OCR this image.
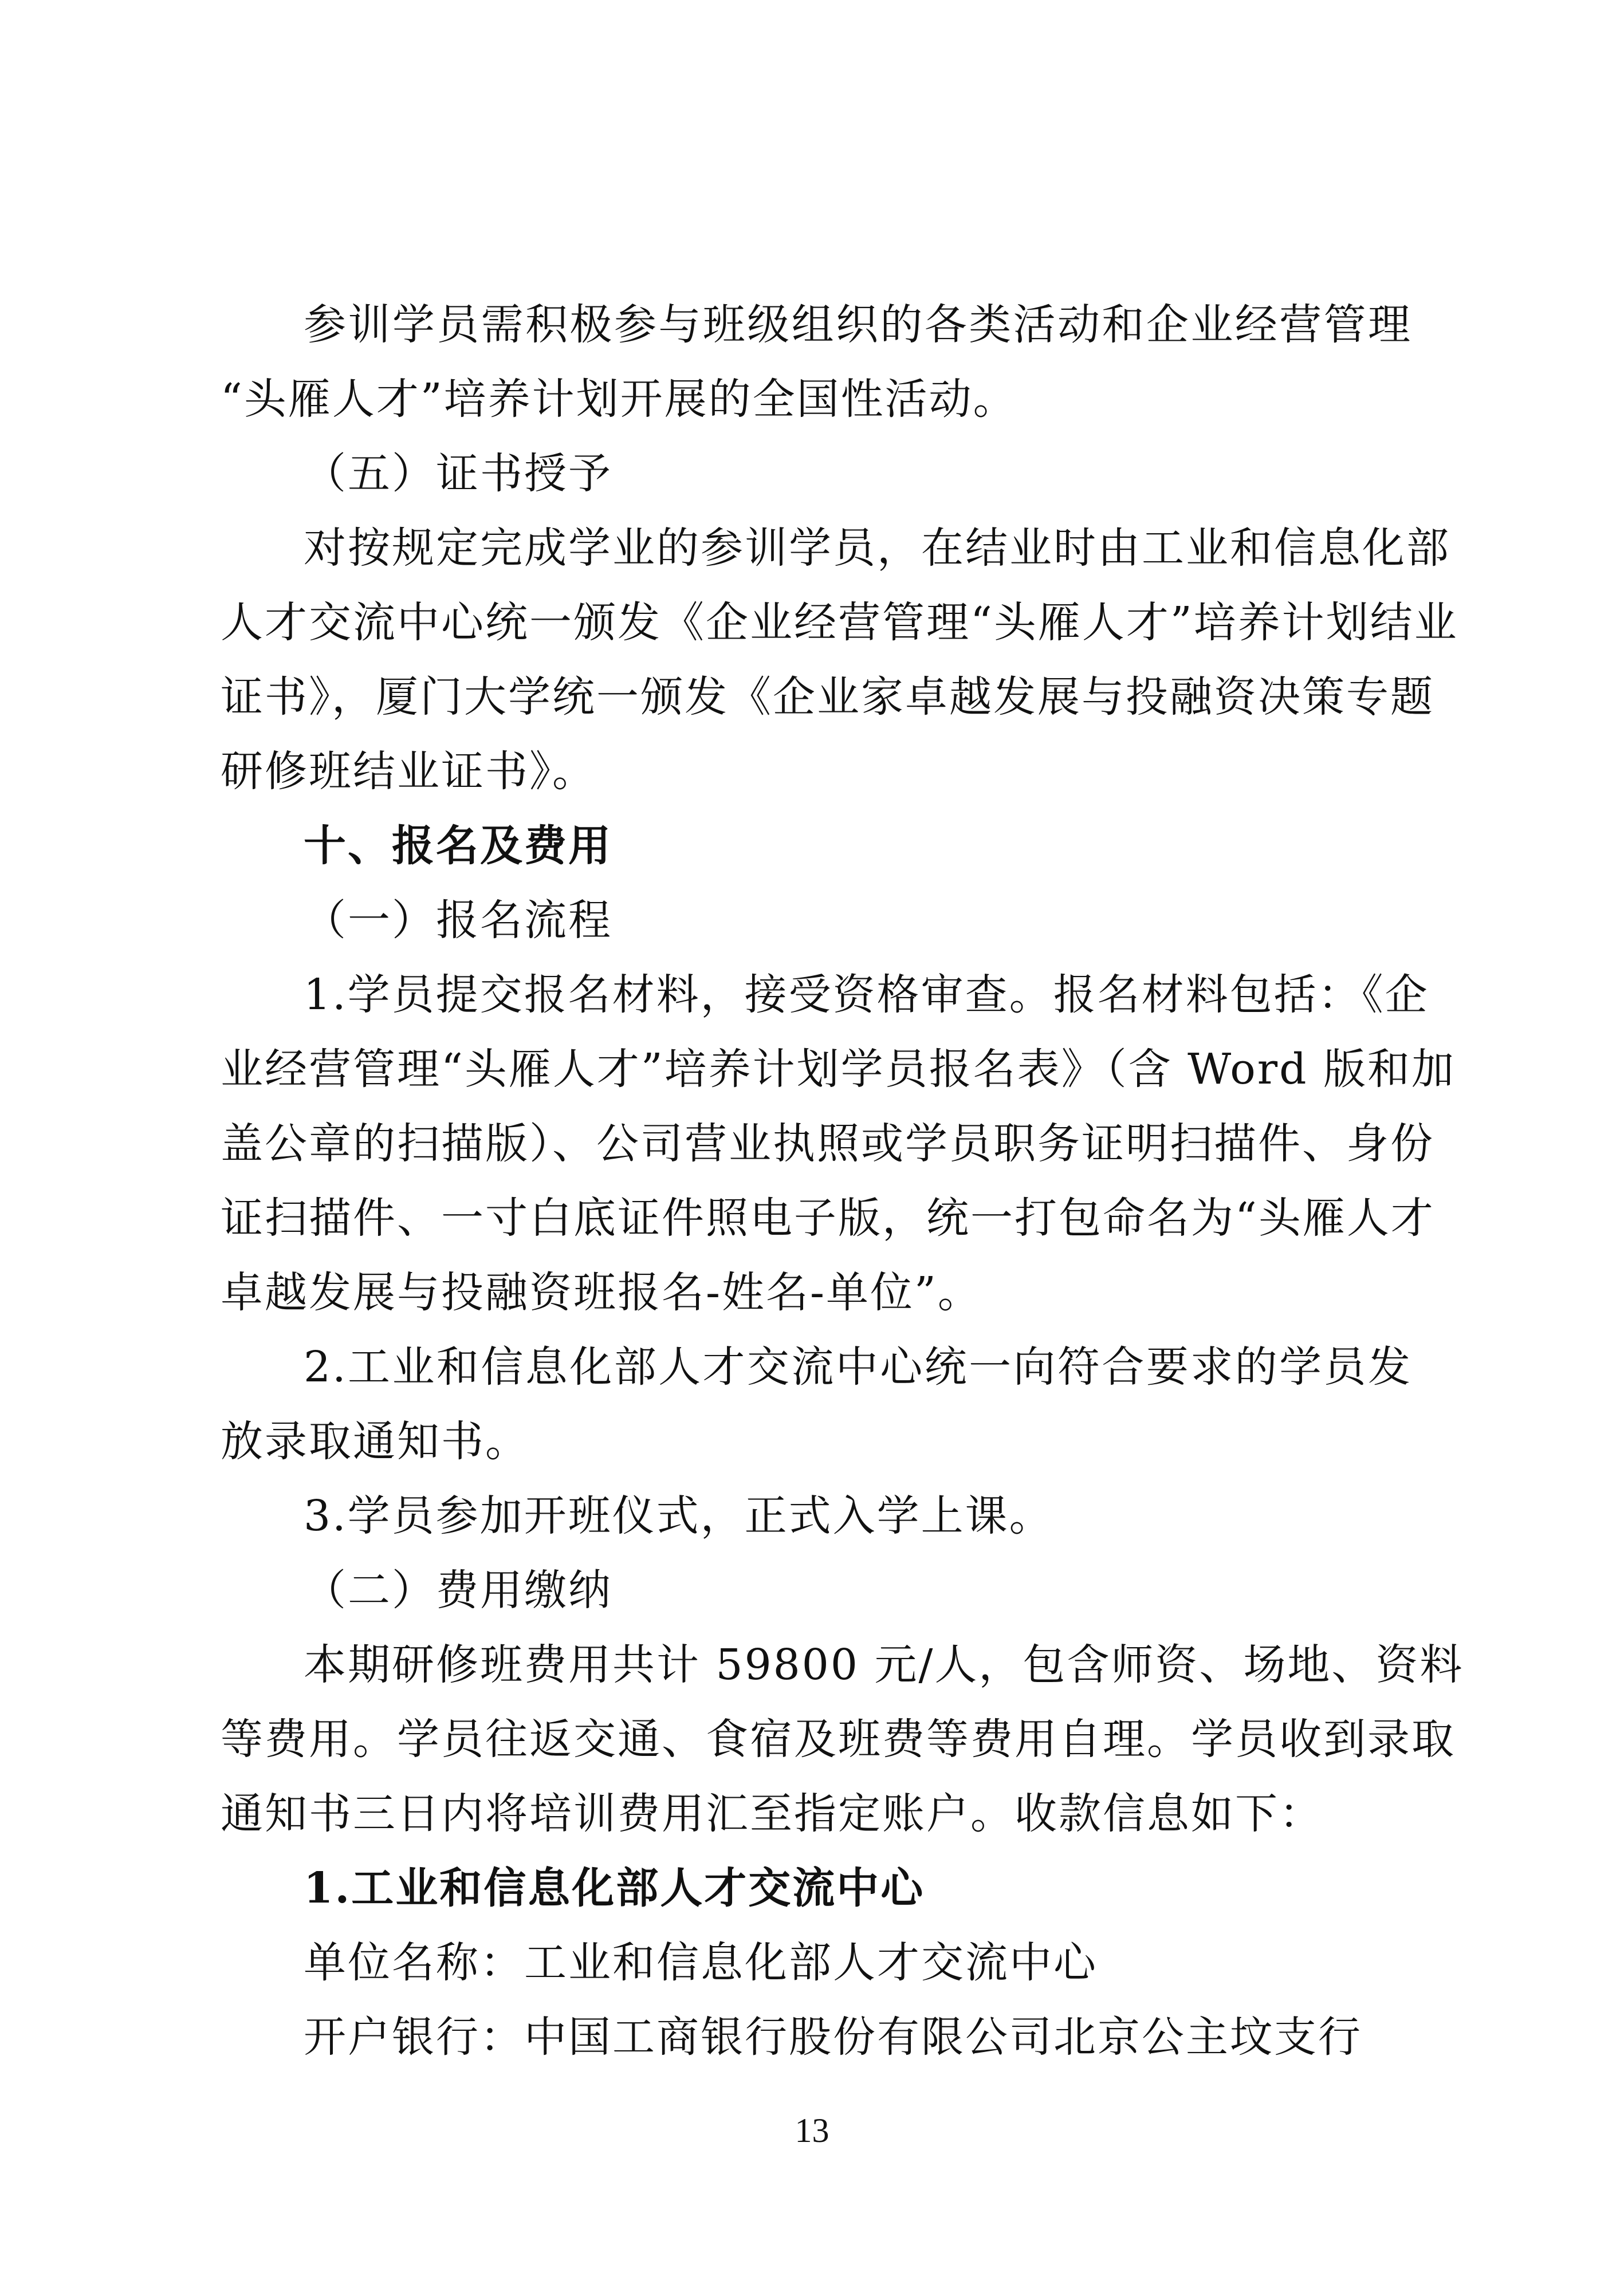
参训学员需积极参与班级组织的各类活动和企业经营管理
“头雁人才”培养计划开展的全国性活动。
（五）证书授予
对按规定完成学业的参训学员，在结业时由工业和信息化部
人才交流中心统一颁发《企业经营管理“头雁人才”培养计划结业
证书》，厦门大学统一颁发《企业家卓越发展与投融资决策专题
研修班结业证书》。
十、报名及费用
（一）报名流程
1.学员提交报名材料，接受资格审查。报名材料包括：《企
业经营管理“头雁人才”培养计划学员报名表》（含 Word 版和加
盖公章的扫描版）、公司营业执照或学员职务证明扫描件、身份
证扫描件、一寸白底证件照电子版，统一打包命名为“头雁人才
卓越发展与投融资班报名-姓名-单位”。
2.工业和信息化部人才交流中心统一向符合要求的学员发
放录取通知书。
3.学员参加开班仪式，正式入学上课。
（二）费用缴纳
本期研修班费用共计 59800 元/人，包含师资、场地、资料
等费用。学员往返交通、食宿及班费等费用自理。学员收到录取
通知书三日内将培训费用汇至指定账户。收款信息如下：
1.工业和信息化部人才交流中心
单位名称：工业和信息化部人才交流中心
开户银行：中国工商银行股份有限公司北京公主坟支行
13
